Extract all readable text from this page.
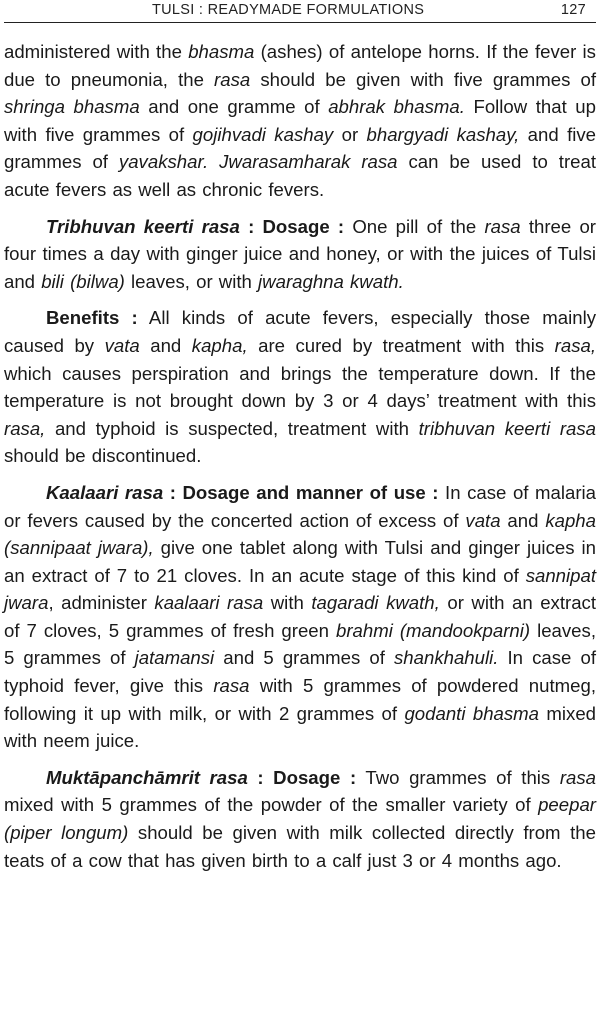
TULSI : READYMADE FORMULATIONS	127

administered with the bhasma (ashes) of antelope horns. If the fever is due to pneumonia, the rasa should be given with five grammes of shringa bhasma and one gramme of abhrak bhasma. Follow that up with five grammes of gojihvadi kashay or bhargyadi kashay, and five grammes of yavakshar. Jwarasamharak rasa can be used to treat acute fevers as well as chronic fevers.

Tribhuvan keerti rasa : Dosage : One pill of the rasa three or four times a day with ginger juice and honey, or with the juices of Tulsi and bili (bilwa) leaves, or with jwaraghna kwath.

Benefits : All kinds of acute fevers, especially those mainly caused by vata and kapha, are cured by treatment with this rasa, which causes perspiration and brings the temperature down. If the temperature is not brought down by 3 or 4 days’ treatment with this rasa, and typhoid is suspected, treatment with tribhuvan keerti rasa should be discontinued.

Kaalaari rasa : Dosage and manner of use : In case of malaria or fevers caused by the concerted action of excess of vata and kapha (sannipaat jwara), give one tablet along with Tulsi and ginger juices in an extract of 7 to 21 cloves. In an acute stage of this kind of sannipat jwara, administer kaalaari rasa with tagaradi kwath, or with an extract of 7 cloves, 5 grammes of fresh green brahmi (mandookparni) leaves, 5 grammes of jatamansi and 5 grammes of shankhahuli. In case of typhoid fever, give this rasa with 5 grammes of powdered nutmeg, following it up with milk, or with 2 grammes of godanti bhasma mixed with neem juice.

Muktāpanchāmrit rasa : Dosage : Two grammes of this rasa mixed with 5 grammes of the powder of the smaller variety of peepar (piper longum) should be given with milk collected directly from the teats of a cow that has given birth to a calf just 3 or 4 months ago.
